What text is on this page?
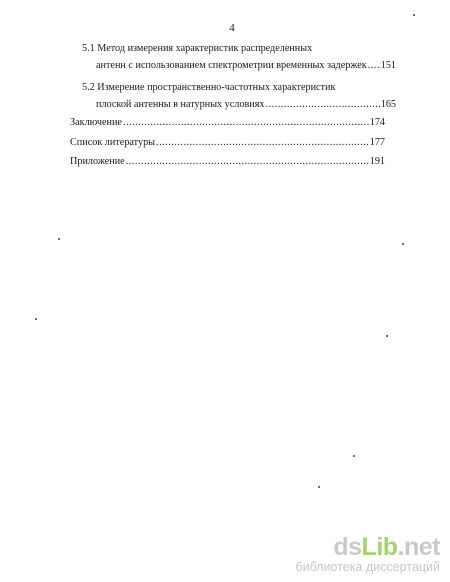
4
5.1 Метод измерения характеристик распределенных
антенн с использованием спектрометрии временных задержек ..... 151
5.2 Измерение пространственно-частотных характеристик
плоской антенны в натурных условиях .....	165
Заключение .....	174
Список литературы .....	177
Приложение .....	191
dsLib.net
библиотека диссертаций
